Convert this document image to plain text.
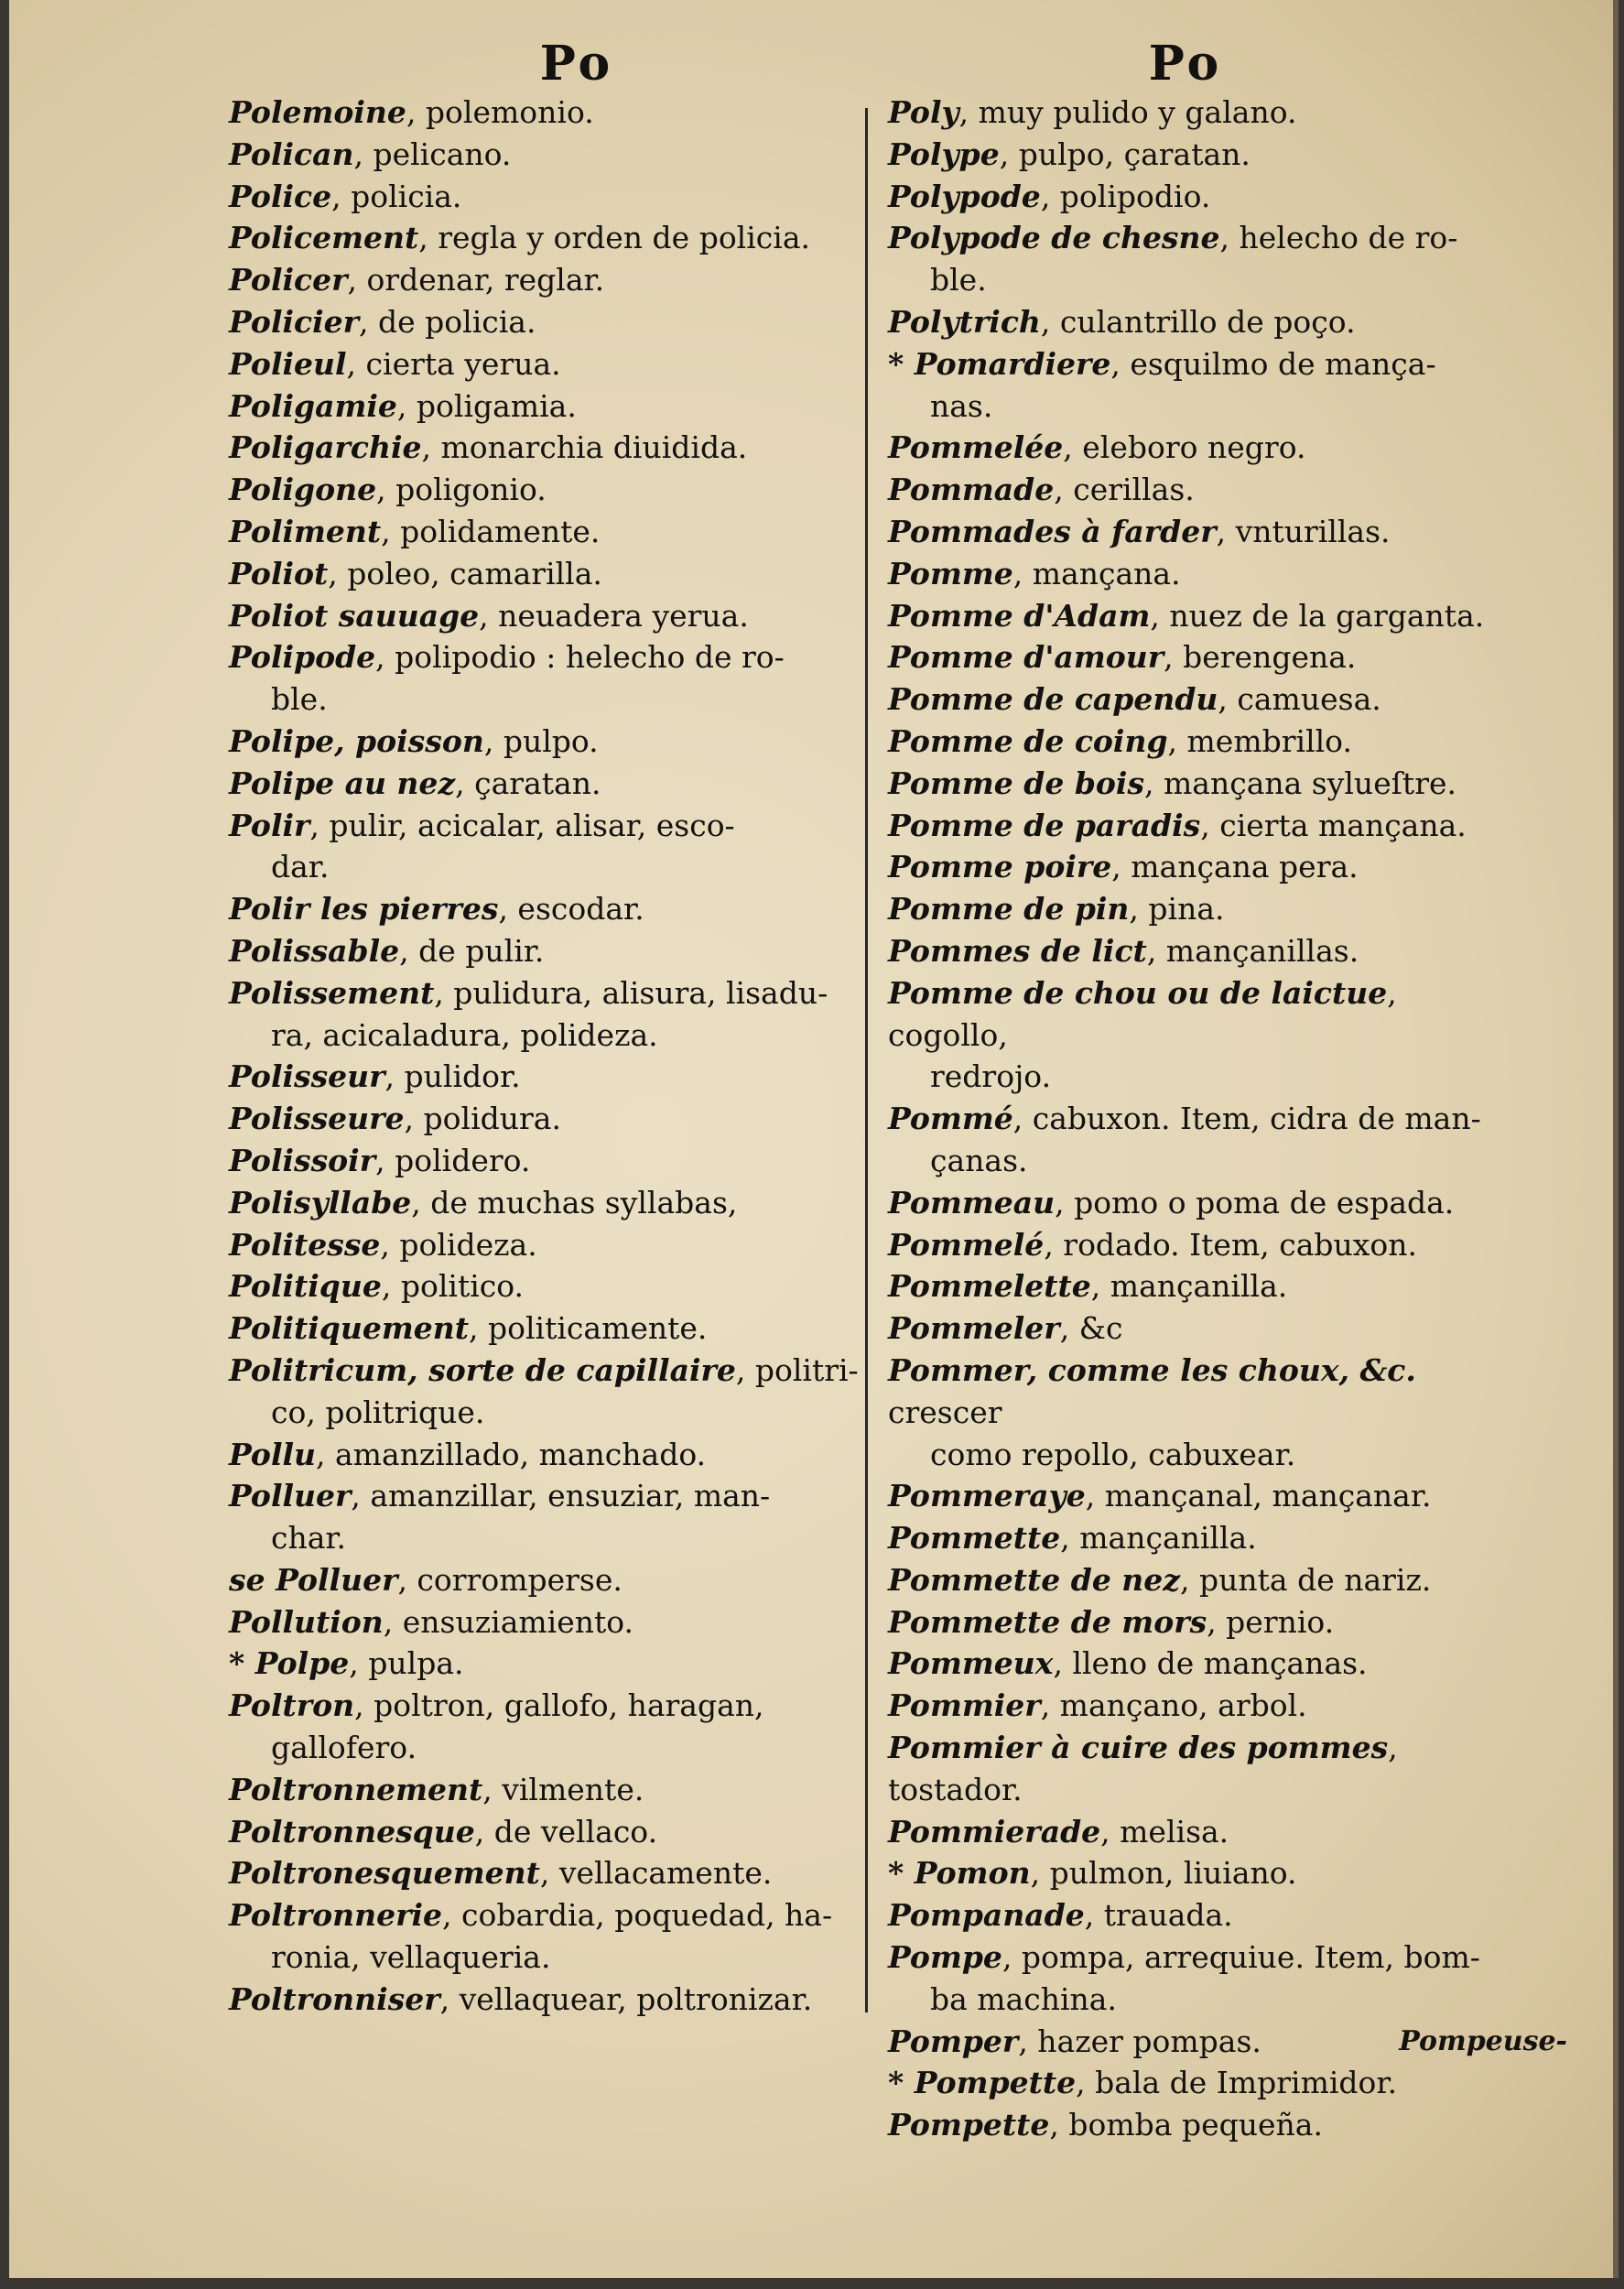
Po
Polemoine, polemonio.
Polican, pelicano.
Police, policia.
Policement, regla y orden de policia.
Policer, ordenar, reglar.
Policier, de policia.
Polieul, cierta yerua.
Poligamie, poligamia.
Poligarchie, monarchia diuidida.
Poligone, poligonio.
Poliment, polidamente.
Poliot, poleo, camarilla.
Poliot sauuage, neuadera yerua.
Polipode, polipodio : helecho de ro-
ble.
Polipe, poisson, pulpo.
Polipe au nez, çaratan.
Polir, pulir, acicalar, alisar, esco-
dar.
Polir les pierres, escodar.
Polissable, de pulir.
Polissement, pulidura, alisura, lisadu-
ra, acicaladura, polideza.
Polisseur, pulidor.
Polisseure, polidura.
Polissoir, polidero.
Polisyllabe, de muchas syllabas,
Politesse, polideza.
Politique, politico.
Politiquement, politicamente.
Politricum, sorte de capillaire, politri-
co, politrique.
Pollu, amanzillado, manchado.
Polluer, amanzillar, ensuziar, man-
char.
se Polluer, corromperse.
Pollution, ensuziamiento.
* Polpe, pulpa.
Poltron, poltron, gallofo, haragan,
gallofero.
Poltronnement, vilmente.
Poltronnesque, de vellaco.
Poltronesquement, vellacamente.
Poltronnerie, cobardia, poquedad, ha-
ronia, vellaqueria.
Poltronniser, vellaquear, poltronizar.
Po
Poly, muy pulido y galano.
Polype, pulpo, çaratan.
Polypode, polipodio.
Polypode de chesne, helecho de ro-
ble.
Polytrich, culantrillo de poço.
* Pomardiere, esquilmo de mança-
nas.
Pommelée, eleboro negro.
Pommade, cerillas.
Pommades à farder, vnturillas.
Pomme, mançana.
Pomme d'Adam, nuez de la garganta.
Pomme d'amour, berengena.
Pomme de capendu, camuesa.
Pomme de coing, membrillo.
Pomme de bois, mançana sylueſtre.
Pomme de paradis, cierta mançana.
Pomme poire, mançana pera.
Pomme de pin, pina.
Pommes de lict, mançanillas.
Pomme de chou ou de laictue, cogollo,
redrojo.
Pommé, cabuxon. Item, cidra de man-
çanas.
Pommeau, pomo o poma de espada.
Pommelé, rodado. Item, cabuxon.
Pommelette, mançanilla.
Pommeler, &c
Pommer, comme les choux, &c. crescer
como repollo, cabuxear.
Pommeraye, mançanal, mançanar.
Pommette, mançanilla.
Pommette de nez, punta de nariz.
Pommette de mors, pernio.
Pommeux, lleno de mançanas.
Pommier, mançano, arbol.
Pommier à cuire des pommes, tostador.
Pommierade, melisa.
* Pomon, pulmon, liuiano.
Pompanade, trauada.
Pompe, pompa, arrequiue. Item, bom-
ba machina.
Pomper, hazer pompas.
* Pompette, bala de Imprimidor.
Pompette, bomba pequeña.
Pompeuse-
